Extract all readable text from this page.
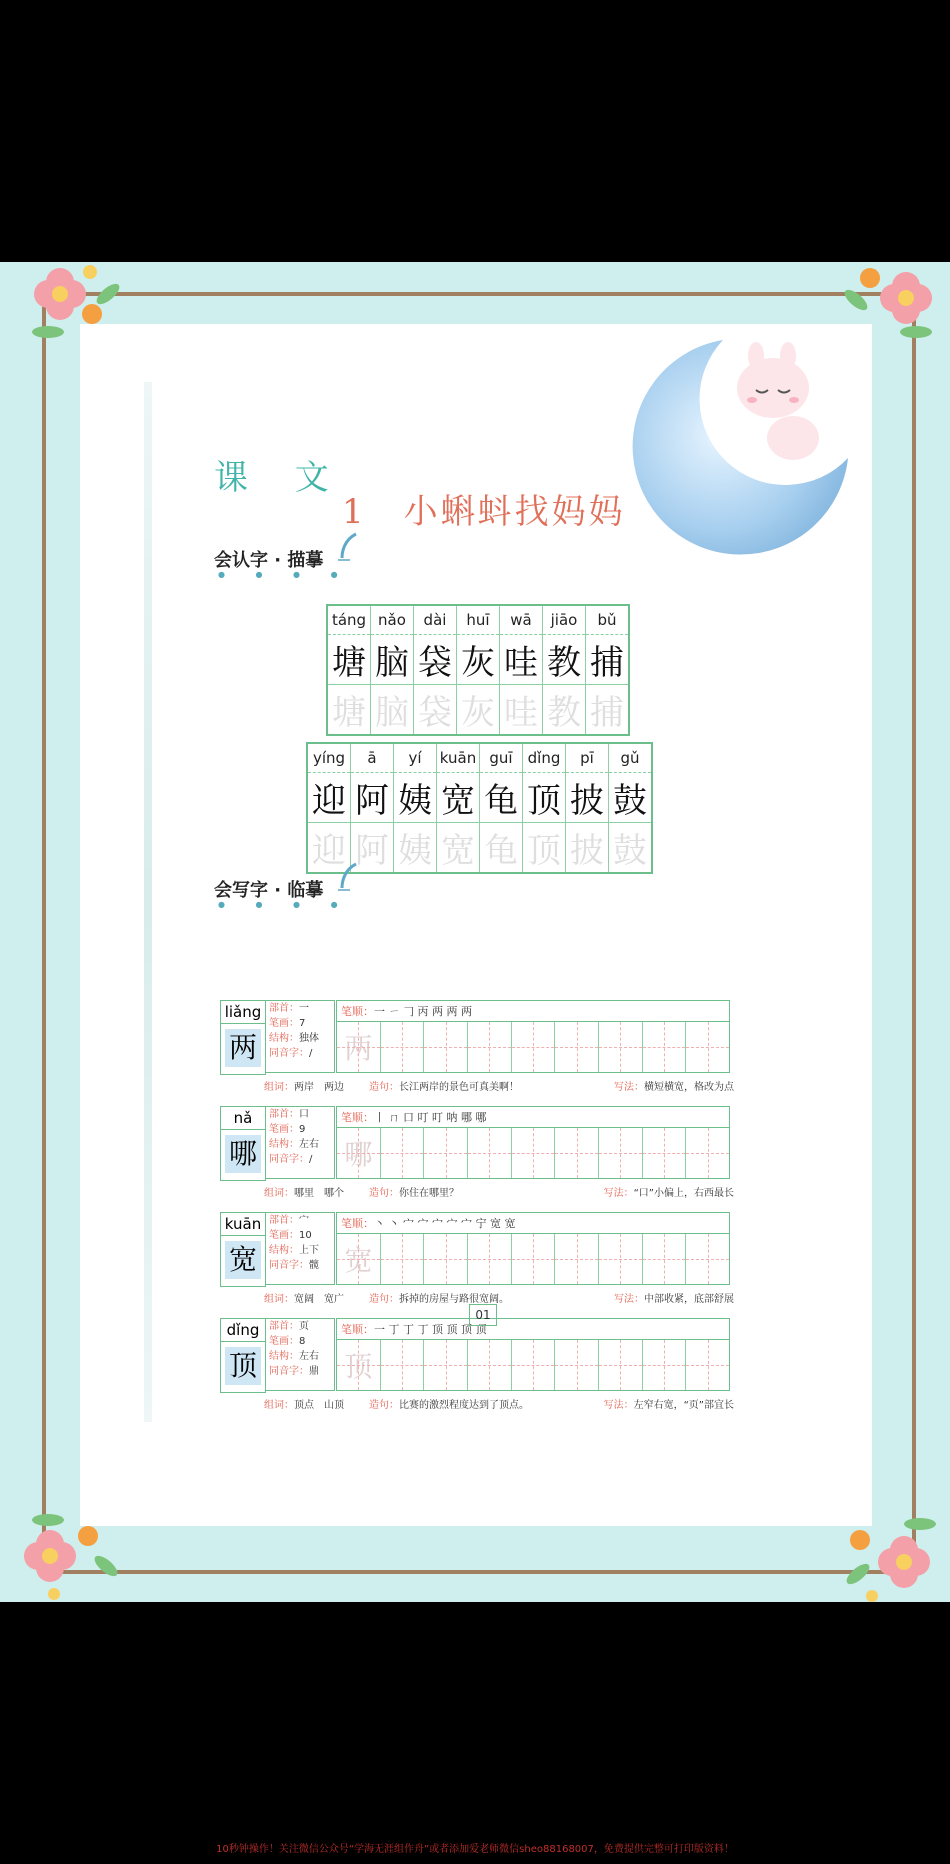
课 文
1　小蝌蚪找妈妈
会认字 · 描摹
● ● ● ●
táng	nǎo	dài	huī	wā	jiāo	bǔ
塘	脑	袋	灰	哇	教	捕
塘	脑	袋	灰	哇	教	捕
yíng	ā	yí	kuān	guī	dǐng	pī	gǔ
迎	阿	姨	宽	龟	顶	披	鼓
迎	阿	姨	宽	龟	顶	披	鼓
会写字 · 临摹
● ● ● ●
liǎng
两
部首：一
笔画：7
结构：独体
同音字：/
笔顺：一 ㄧ 𠃌 丙 两 两 两
两
组词：两岸　两边	造句：长江两岸的景色可真美啊！	写法：横短横宽，格改为点
nǎ
哪
部首：口
笔画：9
结构：左右
同音字：/
笔顺：丨 ㄇ 口 叮 叮 呐 哪 哪
哪
组词：哪里　哪个	造句：你住在哪里？	写法：“口”小偏上，右西最长
kuān
宽
部首：宀
笔画：10
结构：上下
同音字：髋
笔顺：丶 丶 宀 宀 宀 宀 宀 宁 宽 宽
宽
组词：宽阔　宽广	造句：拆掉的房屋与路很宽阔。	写法：中部收紧，底部舒展
dǐng
顶
部首：页
笔画：8
结构：左右
同音字：鼎
笔顺：一 丁 丁 丁 顶 顶 顶 顶
顶
组词：顶点　山顶	造句：比赛的激烈程度达到了顶点。	写法：左窄右宽，“页”部宜长
01
10秒钟操作！关注微信公众号“学海无涯组作舟”或者添加爱老师微信sheo88168007，免费提供完整可打印版资料！
